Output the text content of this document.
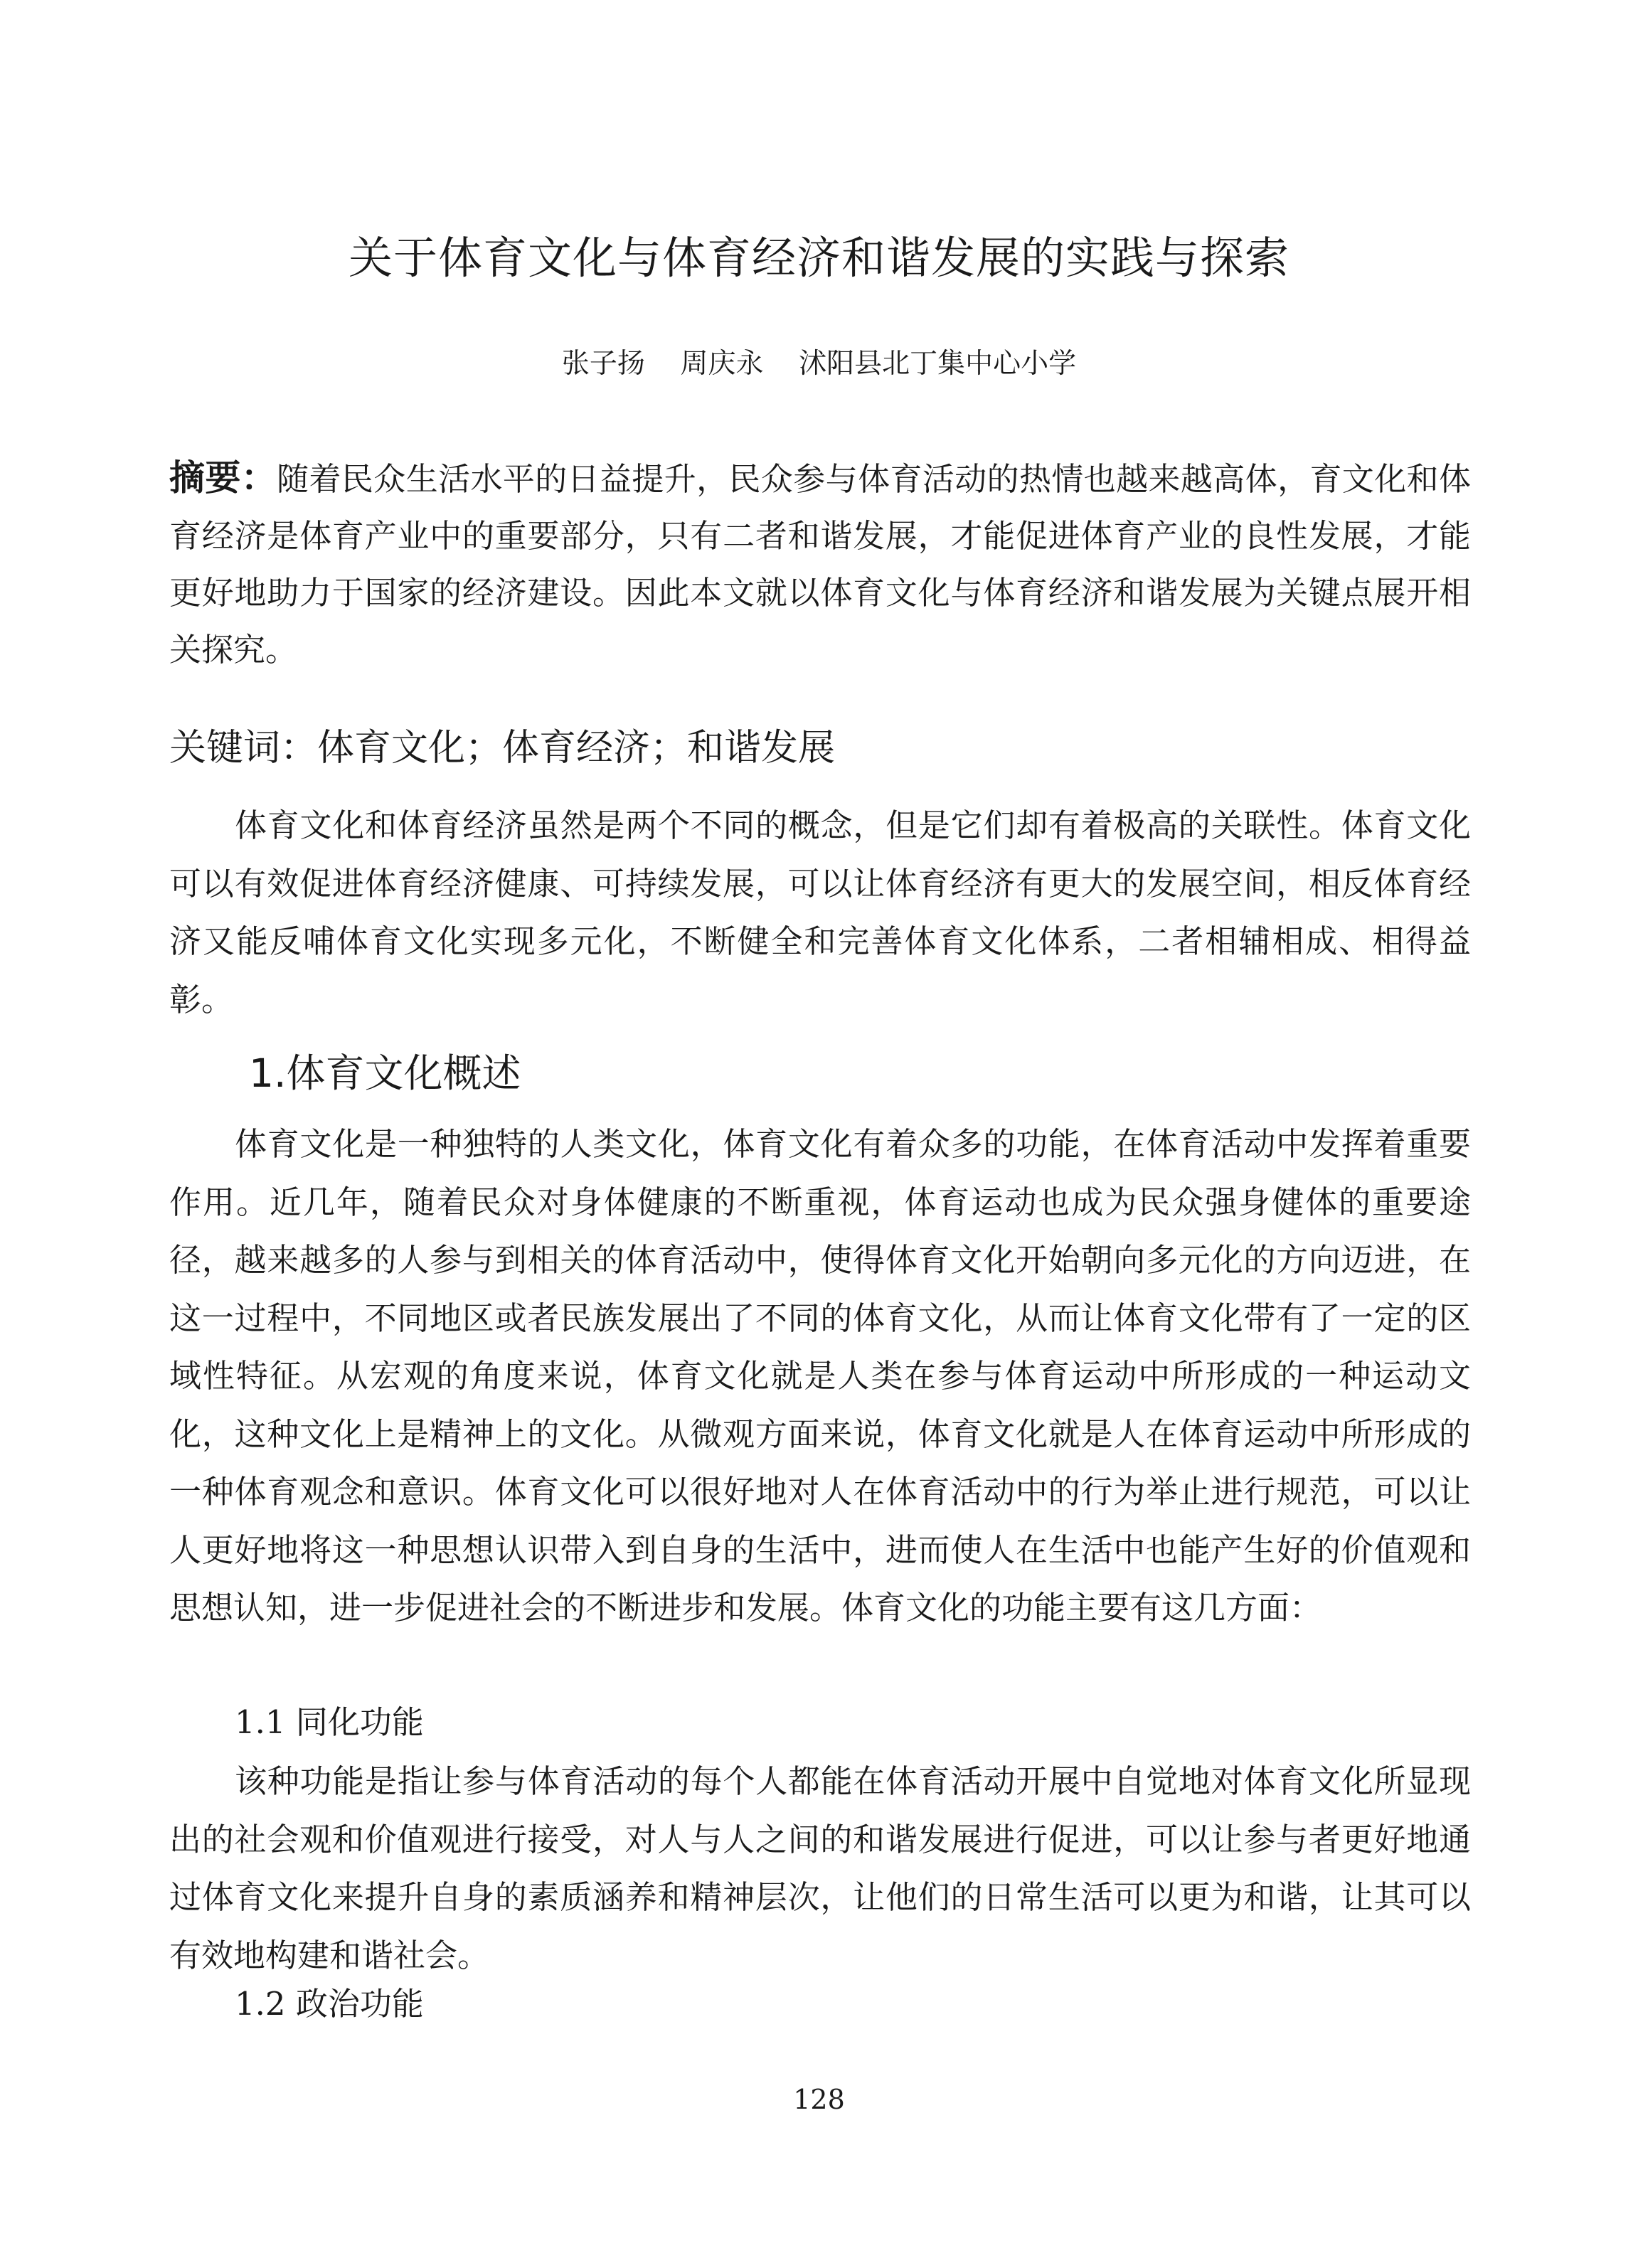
关于体育文化与体育经济和谐发展的实践与探索
张子扬    周庆永    沭阳县北丁集中心小学

摘要：随着民众生活水平的日益提升，民众参与体育活动的热情也越来越高体，育文化和体育经济是体育产业中的重要部分，只有二者和谐发展，才能促进体育产业的良性发展，才能更好地助力于国家的经济建设。因此本文就以体育文化与体育经济和谐发展为关键点展开相关探究。

关键词：体育文化；体育经济；和谐发展

体育文化和体育经济虽然是两个不同的概念，但是它们却有着极高的关联性。体育文化可以有效促进体育经济健康、可持续发展，可以让体育经济有更大的发展空间，相反体育经济又能反哺体育文化实现多元化，不断健全和完善体育文化体系，二者相辅相成、相得益彰。

1.体育文化概述

体育文化是一种独特的人类文化，体育文化有着众多的功能，在体育活动中发挥着重要作用。近几年，随着民众对身体健康的不断重视，体育运动也成为民众强身健体的重要途径，越来越多的人参与到相关的体育活动中，使得体育文化开始朝向多元化的方向迈进，在这一过程中，不同地区或者民族发展出了不同的体育文化，从而让体育文化带有了一定的区域性特征。从宏观的角度来说，体育文化就是人类在参与体育运动中所形成的一种运动文化，这种文化上是精神上的文化。从微观方面来说，体育文化就是人在体育运动中所形成的一种体育观念和意识。体育文化可以很好地对人在体育活动中的行为举止进行规范，可以让人更好地将这一种思想认识带入到自身的生活中，进而使人在生活中也能产生好的价值观和思想认知，进一步促进社会的不断进步和发展。体育文化的功能主要有这几方面：

1.1 同化功能

该种功能是指让参与体育活动的每个人都能在体育活动开展中自觉地对体育文化所显现出的社会观和价值观进行接受，对人与人之间的和谐发展进行促进，可以让参与者更好地通过体育文化来提升自身的素质涵养和精神层次，让他们的日常生活可以更为和谐，让其可以有效地构建和谐社会。

1.2 政治功能

128
